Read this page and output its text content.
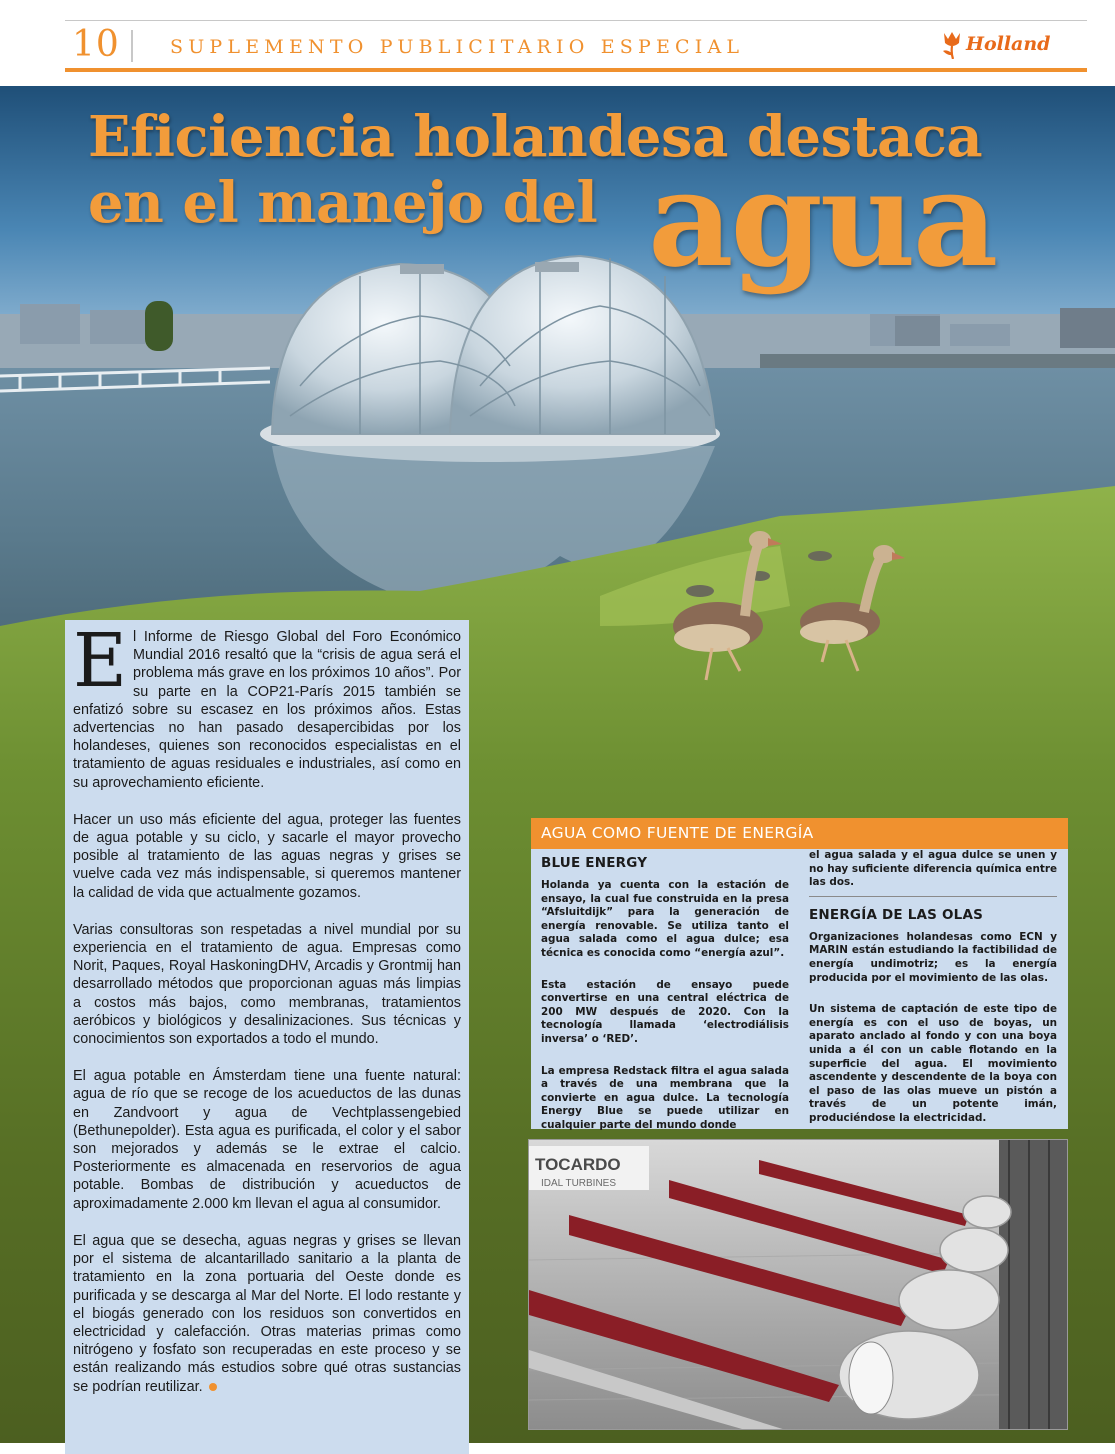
10	SUPLEMENTO PUBLICITARIO ESPECIAL	Holland
Eficiencia holandesa destaca
en el manejo del agua

El Informe de Riesgo Global del Foro Económico Mundial 2016 resaltó que la “crisis de agua será el problema más grave en los próximos 10 años”. Por su parte en la COP21-París 2015 también se enfatizó sobre su escasez en los próximos años. Estas advertencias no han pasado desapercibidas por los holandeses, quienes son reconocidos especialistas en el tratamiento de aguas residuales e industriales, así como en su aprovechamiento eficiente.

Hacer un uso más eficiente del agua, proteger las fuentes de agua potable y su ciclo, y sacarle el mayor provecho posible al tratamiento de las aguas negras y grises se vuelve cada vez más indispensable, si queremos mantener la calidad de vida que actualmente gozamos.

Varias consultoras son respetadas a nivel mundial por su experiencia en el tratamiento de agua. Empresas como Norit, Paques, Royal HaskoningDHV, Arcadis y Grontmij han desarrollado métodos que proporcionan aguas más limpias a costos más bajos, como membranas, tratamientos aeróbicos y biológicos y desalinizaciones. Sus técnicas y conocimientos son exportados a todo el mundo.

El agua potable en Ámsterdam tiene una fuente natural: agua de río que se recoge de los acueductos de las dunas en Zandvoort y agua de Vechtplassengebied (Bethunepolder). Esta agua es purificada, el color y el sabor son mejorados y además se le extrae el calcio. Posteriormente es almacenada en reservorios de agua potable. Bombas de distribución y acueductos de aproximadamente 2.000 km llevan el agua al consumidor.

El agua que se desecha, aguas negras y grises se llevan por el sistema de alcantarillado sanitario a la planta de tratamiento en la zona portuaria del Oeste donde es purificada y se descarga al Mar del Norte. El lodo restante y el biogás generado con los residuos son convertidos en electricidad y calefacción. Otras materias primas como nitrógeno y fosfato son recuperadas en este proceso y se están realizando más estudios sobre qué otras sustancias se podrían reutilizar.

AGUA COMO FUENTE DE ENERGÍA
BLUE ENERGY

Holanda ya cuenta con la estación de ensayo, la cual fue construida en la presa “Afsluitdijk” para la generación de energía renovable. Se utiliza tanto el agua salada como el agua dulce; esa técnica es conocida como “energía azul”.

Esta estación de ensayo puede convertirse en una central eléctrica de 200 MW después de 2020. Con la tecnología llamada ‘electrodiálisis inversa’ o ‘RED’.

La empresa Redstack filtra el agua salada a través de una membrana que la convierte en agua dulce. La tecnología Energy Blue se puede utilizar en cualquier parte del mundo donde

el agua salada y el agua dulce se unen y no hay suficiente diferencia química entre las dos.

ENERGÍA DE LAS OLAS

Organizaciones holandesas como ECN y MARIN están estudiando la factibilidad de energía undimotriz; es la energía producida por el movimiento de las olas.

Un sistema de captación de este tipo de energía es con el uso de boyas, un aparato anclado al fondo y con una boya unida a él con un cable flotando en la superficie del agua. El movimiento ascendente y descendente de la boya con el paso de las olas mueve un pistón a través de un potente imán, produciéndose la electricidad.

TOCARDO
IDAL TURBINES
